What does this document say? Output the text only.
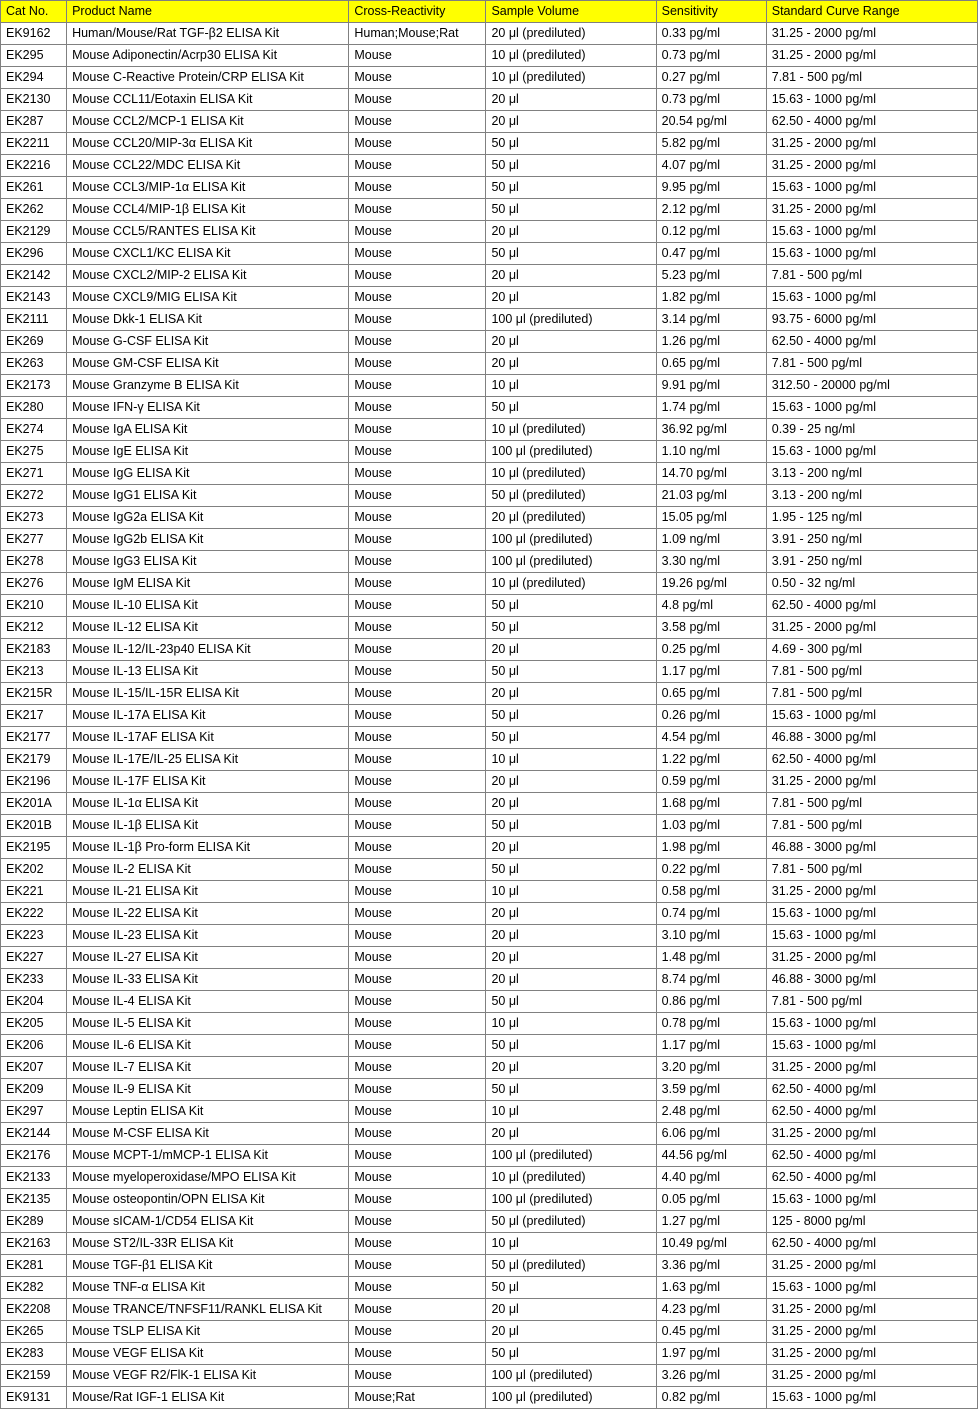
Cat No.	Product Name	Cross-Reactivity	Sample Volume	Sensitivity	Standard Curve Range
EK9162	Human/Mouse/Rat TGF-β2 ELISA Kit	Human;Mouse;Rat	20 μl (prediluted)	0.33 pg/ml	31.25 - 2000 pg/ml
EK295	Mouse Adiponectin/Acrp30 ELISA Kit	Mouse	10 μl (prediluted)	0.73 pg/ml	31.25 - 2000 pg/ml
EK294	Mouse C-Reactive Protein/CRP ELISA Kit	Mouse	10 μl (prediluted)	0.27 pg/ml	7.81 - 500 pg/ml
EK2130	Mouse CCL11/Eotaxin ELISA Kit	Mouse	20 μl	0.73 pg/ml	15.63 - 1000 pg/ml
EK287	Mouse CCL2/MCP-1 ELISA Kit	Mouse	20 μl	20.54 pg/ml	62.50 - 4000 pg/ml
EK2211	Mouse CCL20/MIP-3α ELISA Kit	Mouse	50 μl	5.82 pg/ml	31.25 - 2000 pg/ml
EK2216	Mouse CCL22/MDC ELISA Kit	Mouse	50 μl	4.07 pg/ml	31.25 - 2000 pg/ml
EK261	Mouse CCL3/MIP-1α ELISA Kit	Mouse	50 μl	9.95 pg/ml	15.63 - 1000 pg/ml
EK262	Mouse CCL4/MIP-1β ELISA Kit	Mouse	50 μl	2.12 pg/ml	31.25 - 2000 pg/ml
EK2129	Mouse CCL5/RANTES ELISA Kit	Mouse	20 μl	0.12 pg/ml	15.63 - 1000 pg/ml
EK296	Mouse CXCL1/KC ELISA Kit	Mouse	50 μl	0.47 pg/ml	15.63 - 1000 pg/ml
EK2142	Mouse CXCL2/MIP-2 ELISA Kit	Mouse	20 μl	5.23 pg/ml	7.81 - 500 pg/ml
EK2143	Mouse CXCL9/MIG ELISA Kit	Mouse	20 μl	1.82 pg/ml	15.63 - 1000 pg/ml
EK2111	Mouse Dkk-1 ELISA Kit	Mouse	100 μl (prediluted)	3.14 pg/ml	93.75 - 6000 pg/ml
EK269	Mouse G-CSF ELISA Kit	Mouse	20 μl	1.26 pg/ml	62.50 - 4000 pg/ml
EK263	Mouse GM-CSF ELISA Kit	Mouse	20 μl	0.65 pg/ml	7.81 - 500 pg/ml
EK2173	Mouse Granzyme B ELISA Kit	Mouse	10 μl	9.91 pg/ml	312.50 - 20000 pg/ml
EK280	Mouse IFN-γ ELISA Kit	Mouse	50 μl	1.74 pg/ml	15.63 - 1000 pg/ml
EK274	Mouse IgA ELISA Kit	Mouse	10 μl (prediluted)	36.92 pg/ml	0.39 - 25 ng/ml
EK275	Mouse IgE ELISA Kit	Mouse	100 μl (prediluted)	1.10 ng/ml	15.63 - 1000 pg/ml
EK271	Mouse IgG ELISA Kit	Mouse	10 μl (prediluted)	14.70 pg/ml	3.13 - 200 ng/ml
EK272	Mouse IgG1 ELISA Kit	Mouse	50 μl (prediluted)	21.03 pg/ml	3.13 - 200 ng/ml
EK273	Mouse IgG2a ELISA Kit	Mouse	20 μl (prediluted)	15.05 pg/ml	1.95 - 125 ng/ml
EK277	Mouse IgG2b ELISA Kit	Mouse	100 μl (prediluted)	1.09 ng/ml	3.91 - 250 ng/ml
EK278	Mouse IgG3 ELISA Kit	Mouse	100 μl (prediluted)	3.30 ng/ml	3.91 - 250 ng/ml
EK276	Mouse IgM ELISA Kit	Mouse	10 μl (prediluted)	19.26 pg/ml	0.50 - 32 ng/ml
EK210	Mouse IL-10 ELISA Kit	Mouse	50 μl	4.8 pg/ml	62.50 - 4000 pg/ml
EK212	Mouse IL-12 ELISA Kit	Mouse	50 μl	3.58 pg/ml	31.25 - 2000 pg/ml
EK2183	Mouse IL-12/IL-23p40 ELISA Kit	Mouse	20 μl	0.25 pg/ml	4.69 - 300 pg/ml
EK213	Mouse IL-13 ELISA Kit	Mouse	50 μl	1.17 pg/ml	7.81 - 500 pg/ml
EK215R	Mouse IL-15/IL-15R ELISA Kit	Mouse	20 μl	0.65 pg/ml	7.81 - 500 pg/ml
EK217	Mouse IL-17A ELISA Kit	Mouse	50 μl	0.26 pg/ml	15.63 - 1000 pg/ml
EK2177	Mouse IL-17AF ELISA Kit	Mouse	50 μl	4.54 pg/ml	46.88 - 3000 pg/ml
EK2179	Mouse IL-17E/IL-25 ELISA Kit	Mouse	10 μl	1.22 pg/ml	62.50 - 4000 pg/ml
EK2196	Mouse IL-17F ELISA Kit	Mouse	20 μl	0.59 pg/ml	31.25 - 2000 pg/ml
EK201A	Mouse IL-1α ELISA Kit	Mouse	20 μl	1.68 pg/ml	7.81 - 500 pg/ml
EK201B	Mouse IL-1β ELISA Kit	Mouse	50 μl	1.03 pg/ml	7.81 - 500 pg/ml
EK2195	Mouse IL-1β Pro-form ELISA Kit	Mouse	20 μl	1.98 pg/ml	46.88 - 3000 pg/ml
EK202	Mouse IL-2 ELISA Kit	Mouse	50 μl	0.22 pg/ml	7.81 - 500 pg/ml
EK221	Mouse IL-21 ELISA Kit	Mouse	10 μl	0.58 pg/ml	31.25 - 2000 pg/ml
EK222	Mouse IL-22 ELISA Kit	Mouse	20 μl	0.74 pg/ml	15.63 - 1000 pg/ml
EK223	Mouse IL-23 ELISA Kit	Mouse	20 μl	3.10 pg/ml	15.63 - 1000 pg/ml
EK227	Mouse IL-27 ELISA Kit	Mouse	20 μl	1.48 pg/ml	31.25 - 2000 pg/ml
EK233	Mouse IL-33 ELISA Kit	Mouse	20 μl	8.74 pg/ml	46.88 - 3000 pg/ml
EK204	Mouse IL-4 ELISA Kit	Mouse	50 μl	0.86 pg/ml	7.81 - 500 pg/ml
EK205	Mouse IL-5 ELISA Kit	Mouse	10 μl	0.78 pg/ml	15.63 - 1000 pg/ml
EK206	Mouse IL-6 ELISA Kit	Mouse	50 μl	1.17 pg/ml	15.63 - 1000 pg/ml
EK207	Mouse IL-7 ELISA Kit	Mouse	20 μl	3.20 pg/ml	31.25 - 2000 pg/ml
EK209	Mouse IL-9 ELISA Kit	Mouse	50 μl	3.59 pg/ml	62.50 - 4000 pg/ml
EK297	Mouse Leptin ELISA Kit	Mouse	10 μl	2.48 pg/ml	62.50 - 4000 pg/ml
EK2144	Mouse M-CSF ELISA Kit	Mouse	20 μl	6.06 pg/ml	31.25 - 2000 pg/ml
EK2176	Mouse MCPT-1/mMCP-1 ELISA Kit	Mouse	100 μl (prediluted)	44.56 pg/ml	62.50 - 4000 pg/ml
EK2133	Mouse myeloperoxidase/MPO ELISA Kit	Mouse	10 μl (prediluted)	4.40 pg/ml	62.50 - 4000 pg/ml
EK2135	Mouse osteopontin/OPN ELISA Kit	Mouse	100 μl (prediluted)	0.05 pg/ml	15.63 - 1000 pg/ml
EK289	Mouse sICAM-1/CD54 ELISA Kit	Mouse	50 μl (prediluted)	1.27 pg/ml	125 - 8000 pg/ml
EK2163	Mouse ST2/IL-33R ELISA Kit	Mouse	10 μl	10.49 pg/ml	62.50 - 4000 pg/ml
EK281	Mouse TGF-β1 ELISA Kit	Mouse	50 μl (prediluted)	3.36 pg/ml	31.25 - 2000 pg/ml
EK282	Mouse TNF-α ELISA Kit	Mouse	50 μl	1.63 pg/ml	15.63 - 1000 pg/ml
EK2208	Mouse TRANCE/TNFSF11/RANKL ELISA Kit	Mouse	20 μl	4.23 pg/ml	31.25 - 2000 pg/ml
EK265	Mouse TSLP ELISA Kit	Mouse	20 μl	0.45 pg/ml	31.25 - 2000 pg/ml
EK283	Mouse VEGF ELISA Kit	Mouse	50 μl	1.97 pg/ml	31.25 - 2000 pg/ml
EK2159	Mouse VEGF R2/FlK-1 ELISA Kit	Mouse	100 μl (prediluted)	3.26 pg/ml	31.25 - 2000 pg/ml
EK9131	Mouse/Rat IGF-1 ELISA Kit	Mouse;Rat	100 μl (prediluted)	0.82 pg/ml	15.63 - 1000 pg/ml
